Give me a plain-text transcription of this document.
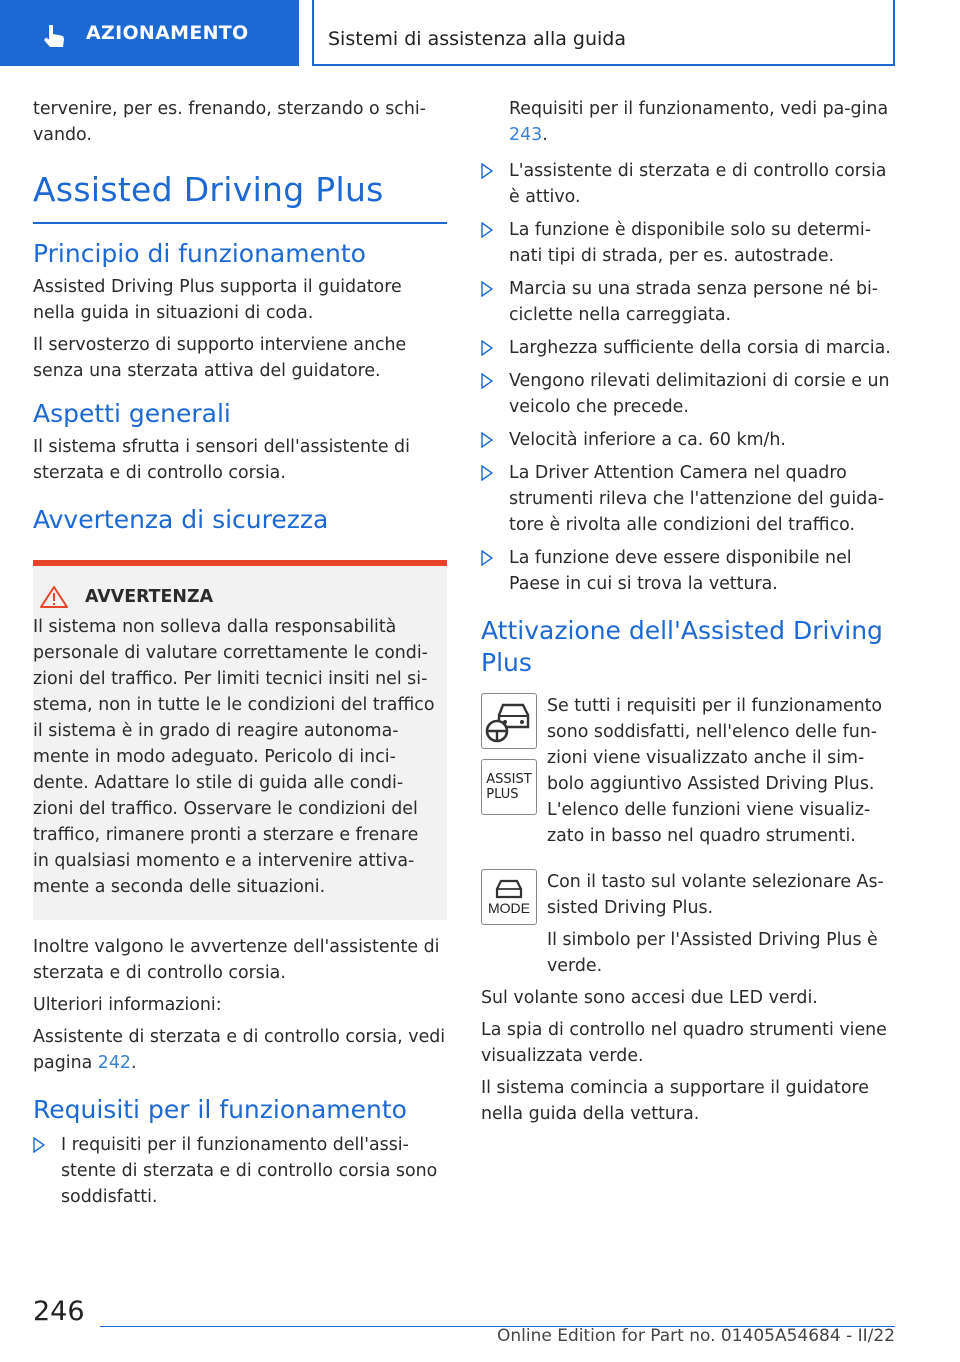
AZIONAMENTO	Sistemi di assistenza alla guida

tervenire, per es. frenando, sterzando o schi-vando.

Assisted Driving Plus
Principio di funzionamento

Assisted Driving Plus supporta il guidatore nella guida in situazioni di coda.

Il servosterzo di supporto interviene anche senza una sterzata attiva del guidatore.

Aspetti generali

Il sistema sfrutta i sensori dell'assistente di sterzata e di controllo corsia.

Avvertenza di sicurezza
AVVERTENZA

Il sistema non solleva dalla responsabilità personale di valutare correttamente le condi-zioni del traffico. Per limiti tecnici insiti nel si-stema, non in tutte le le condizioni del traffico il sistema è in grado di reagire autonoma-mente in modo adeguato. Pericolo di inci-dente. Adattare lo stile di guida alle condi-zioni del traffico. Osservare le condizioni del traffico, rimanere pronti a sterzare e frenare in qualsiasi momento e a intervenire attiva-mente a seconda delle situazioni.

Inoltre valgono le avvertenze dell'assistente di sterzata e di controllo corsia.

Ulteriori informazioni:

Assistente di sterzata e di controllo corsia, vedi pagina 242.

Requisiti per il funzionamento
I requisiti per il funzionamento dell'assi-stente di sterzata e di controllo corsia sono soddisfatti.

Requisiti per il funzionamento, vedi pa-gina 243.

L'assistente di sterzata e di controllo corsia è attivo.
La funzione è disponibile solo su determi-nati tipi di strada, per es. autostrade.
Marcia su una strada senza persone né bi-ciclette nella carreggiata.
Larghezza sufficiente della corsia di marcia.
Vengono rilevati delimitazioni di corsie e un veicolo che precede.
Velocità inferiore a ca. 60 km/h.
La Driver Attention Camera nel quadro strumenti rileva che l'attenzione del guida-tore è rivolta alle condizioni del traffico.
La funzione deve essere disponibile nel Paese in cui si trova la vettura.
Attivazione dell'Assisted Driving Plus
ASSIST
PLUS

Se tutti i requisiti per il funzionamento sono soddisfatti, nell'elenco delle fun-zioni viene visualizzato anche il sim-bolo aggiuntivo Assisted Driving Plus. L'elenco delle funzioni viene visualiz-zato in basso nel quadro strumenti.

MODE

Con il tasto sul volante selezionare As-sisted Driving Plus.

Il simbolo per l'Assisted Driving Plus è verde.

Sul volante sono accesi due LED verdi.

La spia di controllo nel quadro strumenti viene visualizzata verde.

Il sistema comincia a supportare il guidatore nella guida della vettura.

246
Online Edition for Part no. 01405A54684 - II/22
